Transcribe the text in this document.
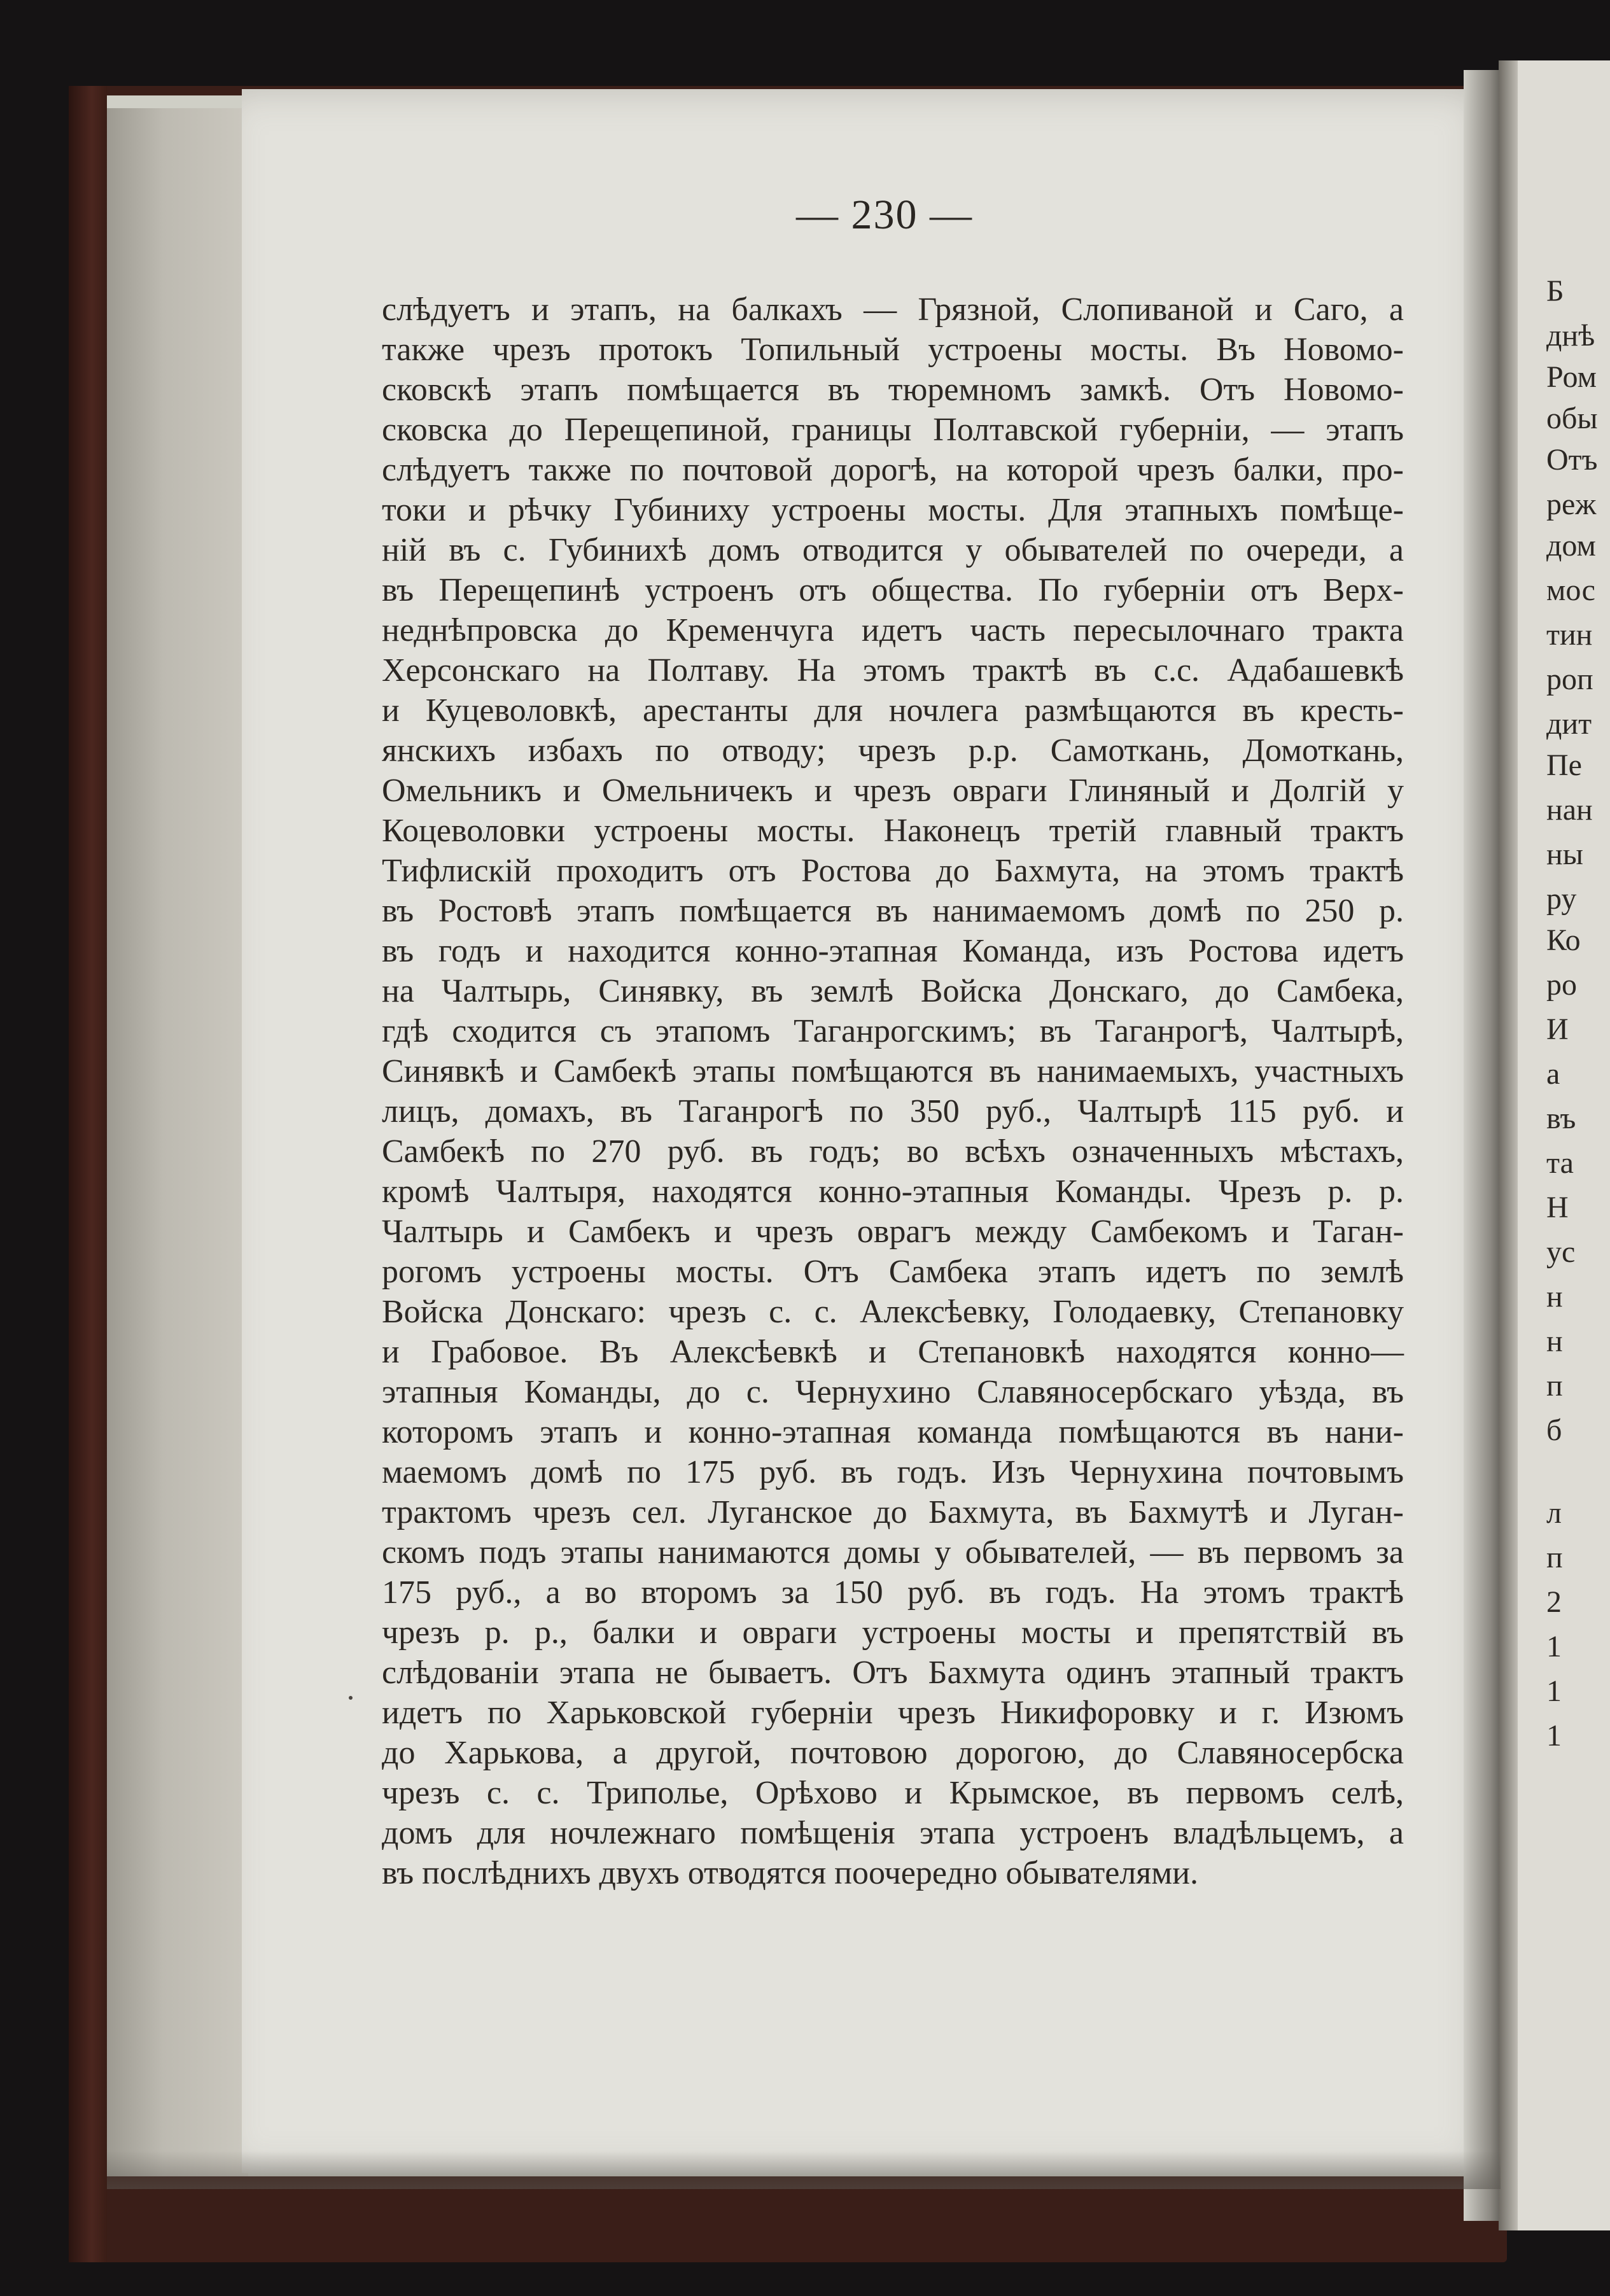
— 230 —
слѣдуетъ и этапъ, на балкахъ — Грязной, Слопиваной и Саго, а
также чрезъ протокъ Топильный устроены мосты. Въ Новомо-
сковскѣ этапъ помѣщается въ тюремномъ замкѣ. Отъ Новомо-
сковска до Перещепиной, границы Полтавской губерніи, — этапъ
слѣдуетъ также по почтовой дорогѣ, на которой чрезъ балки, про-
токи и рѣчку Губиниху устроены мосты. Для этапныхъ помѣще-
ній въ с. Губинихѣ домъ отводится у обывателей по очереди, а
въ Перещепинѣ устроенъ отъ общества. По губерніи отъ Верх-
неднѣпровска до Кременчуга идетъ часть пересылочнаго тракта
Херсонскаго на Полтаву. На этомъ трактѣ въ с.с. Адабашевкѣ
и Куцеволовкѣ, арестанты для ночлега размѣщаются въ кресть-
янскихъ избахъ по отводу; чрезъ р.р. Самоткань, Домоткань,
Омельникъ и Омельничекъ и чрезъ овраги Глиняный и Долгій у
Коцеволовки устроены мосты. Наконецъ третій главный трактъ
Тифлискій проходитъ отъ Ростова до Бахмута, на этомъ трактѣ
въ Ростовѣ этапъ помѣщается въ нанимаемомъ домѣ по 250 р.
въ годъ и находится конно-этапная Команда, изъ Ростова идетъ
на Чалтырь, Синявку, въ землѣ Войска Донскаго, до Самбека,
гдѣ сходится съ этапомъ Таганрогскимъ; въ Таганрогѣ, Чалтырѣ,
Синявкѣ и Самбекѣ этапы помѣщаются въ нанимаемыхъ, участныхъ
лицъ, домахъ, въ Таганрогѣ по 350 руб., Чалтырѣ 115 руб. и
Самбекѣ по 270 руб. въ годъ; во всѣхъ означенныхъ мѣстахъ,
кромѣ Чалтыря, находятся конно-этапныя Команды. Чрезъ р. р.
Чалтырь и Самбекъ и чрезъ оврагъ между Самбекомъ и Таган-
рогомъ устроены мосты. Отъ Самбека этапъ идетъ по землѣ
Войска Донскаго: чрезъ с. с. Алексѣевку, Голодаевку, Степановку
и Грабовое. Въ Алексѣевкѣ и Степановкѣ находятся конно—
этапныя Команды, до с. Чернухино Славяносербскаго уѣзда, въ
которомъ этапъ и конно-этапная команда помѣщаются въ нани-
маемомъ домѣ по 175 руб. въ годъ. Изъ Чернухина почтовымъ
трактомъ чрезъ сел. Луганское до Бахмута, въ Бахмутѣ и Луган-
скомъ подъ этапы нанимаются домы у обывателей, — въ первомъ за
175 руб., а во второмъ за 150 руб. въ годъ. На этомъ трактѣ
чрезъ р. р., балки и овраги устроены мосты и препятствій въ
слѣдованіи этапа не бываетъ. Отъ Бахмута одинъ этапный трактъ
идетъ по Харьковской губерніи чрезъ Никифоровку и г. Изюмъ
до Харькова, а другой, почтовою дорогою, до Славяносербска
чрезъ с. с. Триполье, Орѣхово и Крымское, въ первомъ селѣ,
домъ для ночлежнаго помѣщенія этапа устроенъ владѣльцемъ, а
въ послѣднихъ двухъ отводятся поочередно обывателями.
Б
днѣ
Ром
обы
Отъ
реж
дом
мос
тин
роп
дит
Пе
нан
ны
ру
Ко
ро
И
а
въ
та
Н
ус
н
н
п
б
л
п
2
1
1
1
